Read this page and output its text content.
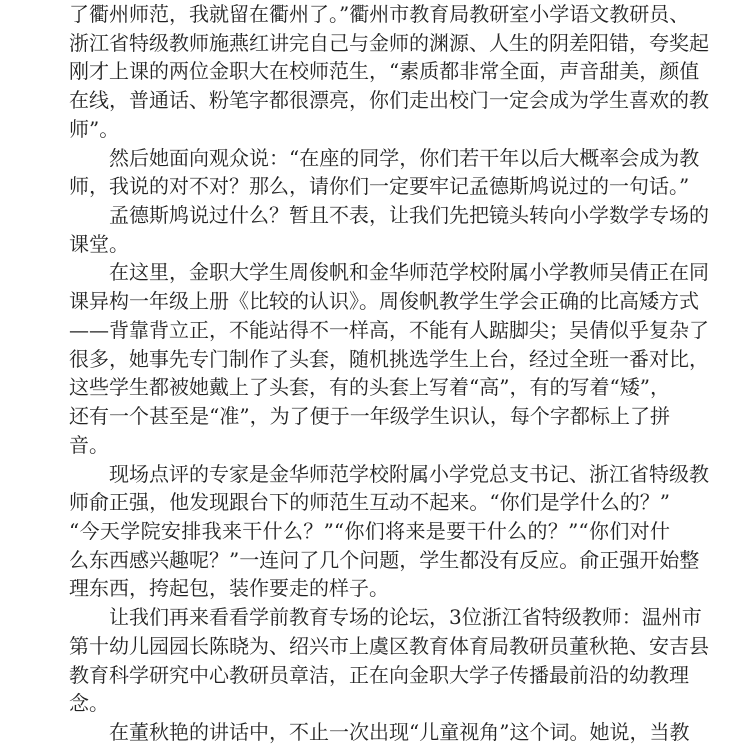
了衢州师范，我就留在衢州了。”衢州市教育局教研室小学语文教研员、
浙江省特级教师施燕红讲完自己与金师的渊源、人生的阴差阳错，夸奖起
刚才上课的两位金职大在校师范生，“素质都非常全面，声音甜美，颜值
在线，普通话、粉笔字都很漂亮，你们走出校门一定会成为学生喜欢的教
师”。
然后她面向观众说：“在座的同学，你们若干年以后大概率会成为教
师，我说的对不对？那么，请你们一定要牢记孟德斯鸠说过的一句话。”
孟德斯鸠说过什么？暂且不表，让我们先把镜头转向小学数学专场的
课堂。
在这里，金职大学生周俊帆和金华师范学校附属小学教师吴倩正在同
课异构一年级上册《比较的认识》。周俊帆教学生学会正确的比高矮方式
——背靠背立正，不能站得不一样高，不能有人踮脚尖；吴倩似乎复杂了
很多，她事先专门制作了头套，随机挑选学生上台，经过全班一番对比，
这些学生都被她戴上了头套，有的头套上写着“高”，有的写着“矮”，
还有一个甚至是“准”，为了便于一年级学生识认，每个字都标上了拼
音。
现场点评的专家是金华师范学校附属小学党总支书记、浙江省特级教
师俞正强，他发现跟台下的师范生互动不起来。“你们是学什么的？”
“今天学院安排我来干什么？”“你们将来是要干什么的？”“你们对什
么东西感兴趣呢？”一连问了几个问题，学生都没有反应。俞正强开始整
理东西，挎起包，装作要走的样子。
让我们再来看看学前教育专场的论坛，3位浙江省特级教师：温州市
第十幼儿园园长陈晓为、绍兴市上虞区教育体育局教研员董秋艳、安吉县
教育科学研究中心教研员章洁，正在向金职大学子传播最前沿的幼教理
念。
在董秋艳的讲话中，不止一次出现“儿童视角”这个词。她说，当教
